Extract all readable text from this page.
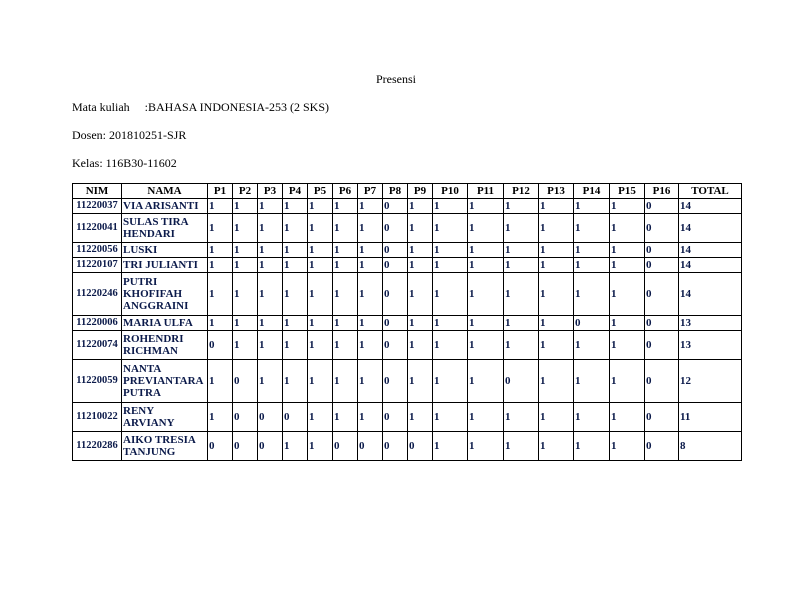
Presensi
Mata kuliah     :BAHASA INDONESIA-253 (2 SKS)
Dosen: 201810251-SJR
Kelas: 116B30-11602
NIM	NAMA	P1	P2	P3	P4	P5	P6	P7	P8	P9	P10	P11	P12	P13	P14	P15	P16	TOTAL
11220037	VIA ARISANTI	1	1	1	1	1	1	1	0	1	1	1	1	1	1	1	0	14
11220041	SULAS TIRA HENDARI	1	1	1	1	1	1	1	0	1	1	1	1	1	1	1	0	14
11220056	LUSKI	1	1	1	1	1	1	1	0	1	1	1	1	1	1	1	0	14
11220107	TRI JULIANTI	1	1	1	1	1	1	1	0	1	1	1	1	1	1	1	0	14
11220246	PUTRI KHOFIFAH ANGGRAINI	1	1	1	1	1	1	1	0	1	1	1	1	1	1	1	0	14
11220006	MARIA ULFA	1	1	1	1	1	1	1	0	1	1	1	1	1	0	1	0	13
11220074	ROHENDRI RICHMAN	0	1	1	1	1	1	1	0	1	1	1	1	1	1	1	0	13
11220059	NANTA PREVIANTARA PUTRA	1	0	1	1	1	1	1	0	1	1	1	0	1	1	1	0	12
11210022	RENY ARVIANY	1	0	0	0	1	1	1	0	1	1	1	1	1	1	1	0	11
11220286	AIKO TRESIA TANJUNG	0	0	0	1	1	0	0	0	0	1	1	1	1	1	1	0	8
